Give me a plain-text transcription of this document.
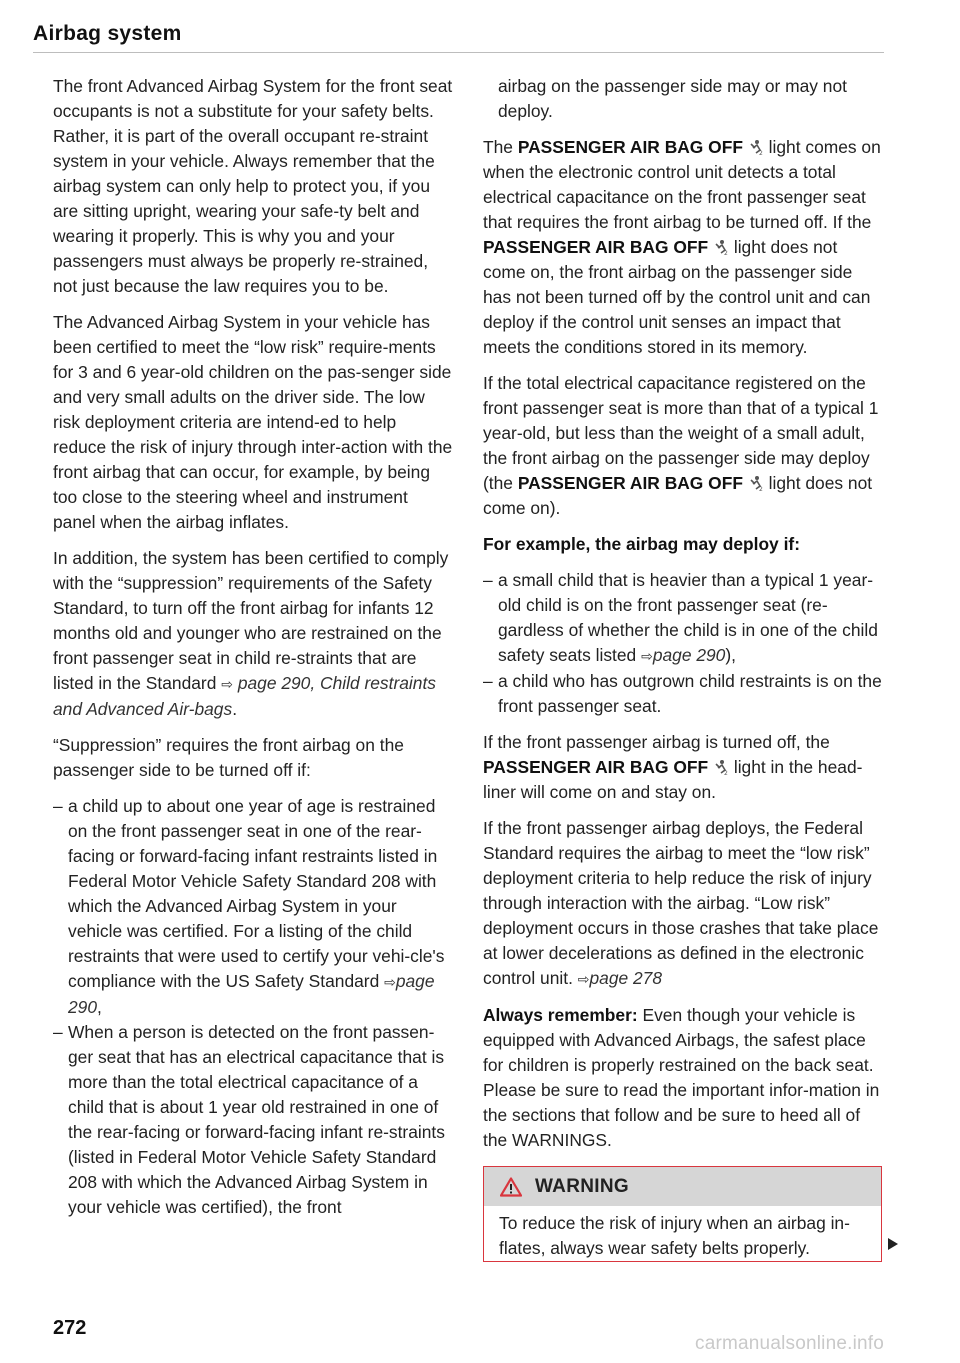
Airbag system

The front Advanced Airbag System for the front seat occupants is not a substitute for your safety belts. Rather, it is part of the overall occupant re-straint system in your vehicle. Always remember that the airbag system can only help to protect you, if you are sitting upright, wearing your safe-ty belt and wearing it properly. This is why you and your passengers must always be properly re-strained, not just because the law requires you to be.

The Advanced Airbag System in your vehicle has been certified to meet the “low risk” require-ments for 3 and 6 year-old children on the pas-senger side and very small adults on the driver side. The low risk deployment criteria are intend-ed to help reduce the risk of injury through inter-action with the front airbag that can occur, for example, by being too close to the steering wheel and instrument panel when the airbag inflates.

In addition, the system has been certified to comply with the “suppression” requirements of the Safety Standard, to turn off the front airbag for infants 12 months old and younger who are restrained on the front passenger seat in child re-straints that are listed in the Standard ⇨ page 290, Child restraints and Advanced Air-bags.

“Suppression” requires the front airbag on the passenger side to be turned off if:

– a child up to about one year of age is restrained on the front passenger seat in one of the rear-facing or forward-facing infant restraints listed in Federal Motor Vehicle Safety Standard 208 with which the Advanced Airbag System in your vehicle was certified. For a listing of the child restraints that were used to certify your vehi-cle's compliance with the US Safety Standard ⇨page 290,
– When a person is detected on the front passen-ger seat that has an electrical capacitance that is more than the total electrical capacitance of a child that is about 1 year old restrained in one of the rear-facing or forward-facing infant re-straints (listed in Federal Motor Vehicle Safety Standard 208 with which the Advanced Airbag System in your vehicle was certified), the front
airbag on the passenger side may or may not deploy.

The PASSENGER AIR BAG OFF	2 light comes on when the electronic control unit detects a total electrical capacitance on the front passenger seat that requires the front airbag to be turned off. If the PASSENGER AIR BAG OFF	2 light does not come on, the front airbag on the passenger side has not been turned off by the control unit and can deploy if the control unit senses an impact that meets the conditions stored in its memory.

If the total electrical capacitance registered on the front passenger seat is more than that of a typical 1 year-old, but less than the weight of a small adult, the front airbag on the passenger side may deploy (the PASSENGER AIR BAG OFF	2 light does not come on).

For example, the airbag may deploy if:

– a small child that is heavier than a typical 1 year-old child is on the front passenger seat (re-gardless of whether the child is in one of the child safety seats listed ⇨page 290),
– a child who has outgrown child restraints is on the front passenger seat.

If the front passenger airbag is turned off, the PASSENGER AIR BAG OFF	2 light in the head-liner will come on and stay on.

If the front passenger airbag deploys, the Federal Standard requires the airbag to meet the “low risk” deployment criteria to help reduce the risk of injury through interaction with the airbag. “Low risk” deployment occurs in those crashes that take place at lower decelerations as defined in the electronic control unit. ⇨page 278

Always remember: Even though your vehicle is equipped with Advanced Airbags, the safest place for children is properly restrained on the back seat. Please be sure to read the important infor-mation in the sections that follow and be sure to heed all of the WARNINGS.

WARNING
To reduce the risk of injury when an airbag in-flates, always wear safety belts properly.
272
carmanualsonline.info
